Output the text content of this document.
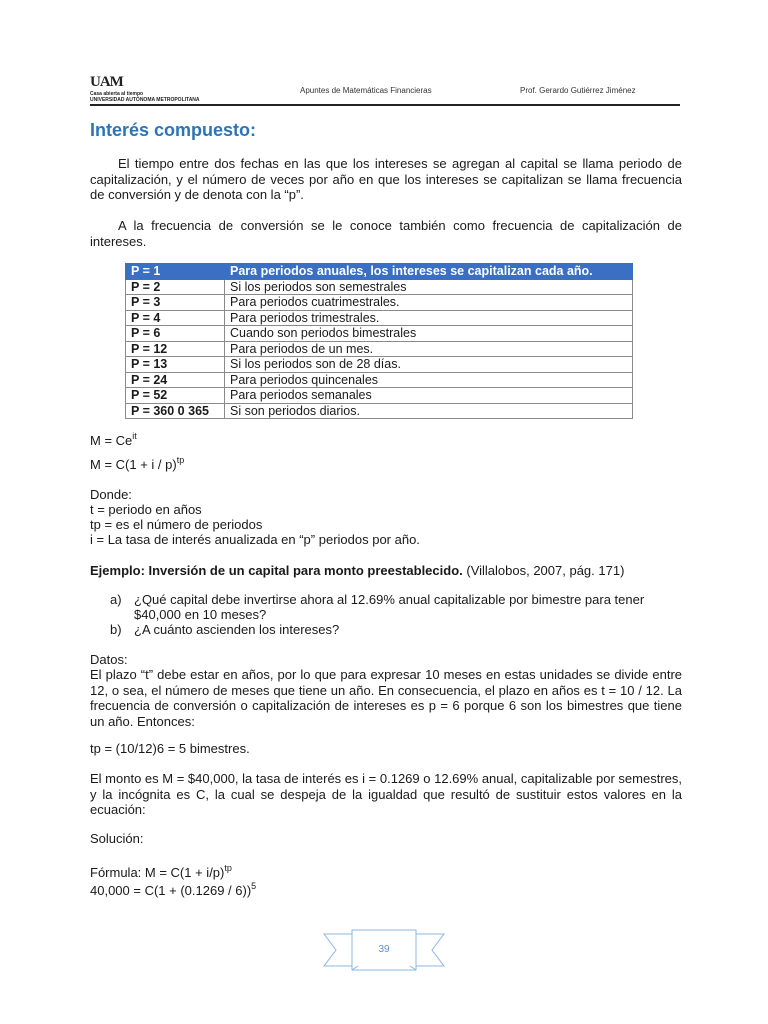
UAM
Casa abierta al tiempo
UNIVERSIDAD AUTÓNOMA METROPOLITANA
Apuntes de Matemáticas Financieras	Prof. Gerardo Gutiérrez Jiménez
Interés compuesto:
El tiempo entre dos fechas en las que los intereses se agregan al capital se llama periodo de capitalización, y el número de veces por año en que los intereses se capitalizan se llama frecuencia de conversión y de denota con la “p”.
A la frecuencia de conversión se le conoce también como frecuencia de capitalización de intereses.
P = 1	Para periodos anuales, los intereses se capitalizan cada año.
P = 2	Si los periodos son semestrales
P = 3	Para periodos cuatrimestrales.
P = 4	Para periodos trimestrales.
P = 6	Cuando son periodos bimestrales
P = 12	Para periodos de un mes.
P = 13	Si los periodos son de 28 días.
P = 24	Para periodos quincenales
P = 52	Para periodos semanales
P = 360 0 365	Si son periodos diarios.
$M = Ce^{it}$
$M = C(1 + i / p)^{tp}$
Donde:
t = periodo en años
tp = es el número de periodos
i = La tasa de interés anualizada en “p” periodos por año.
Ejemplo: Inversión de un capital para monto preestablecido. (Villalobos, 2007, pág. 171)
a) ¿Qué capital debe invertirse ahora al 12.69% anual capitalizable por bimestre para tener $40,000 en 10 meses?
b) ¿A cuánto ascienden los intereses?
Datos:
El plazo “t” debe estar en años, por lo que para expresar 10 meses en estas unidades se divide entre 12, o sea, el número de meses que tiene un año. En consecuencia, el plazo en años es t = 10 / 12. La frecuencia de conversión o capitalización de intereses es p = 6 porque 6 son los bimestres que tiene un año. Entonces:
tp = (10/12)6 = 5 bimestres.
El monto es M = $40,000, la tasa de interés es i = 0.1269 o 12.69% anual, capitalizable por semestres, y la incógnita es C, la cual se despeja de la igualdad que resultó de sustituir estos valores en la ecuación:
Solución:
Fórmula: $M = C(1 + i/p)^{tp}$
$40,000 = C(1 + (0.1269 / 6))^5$
39
